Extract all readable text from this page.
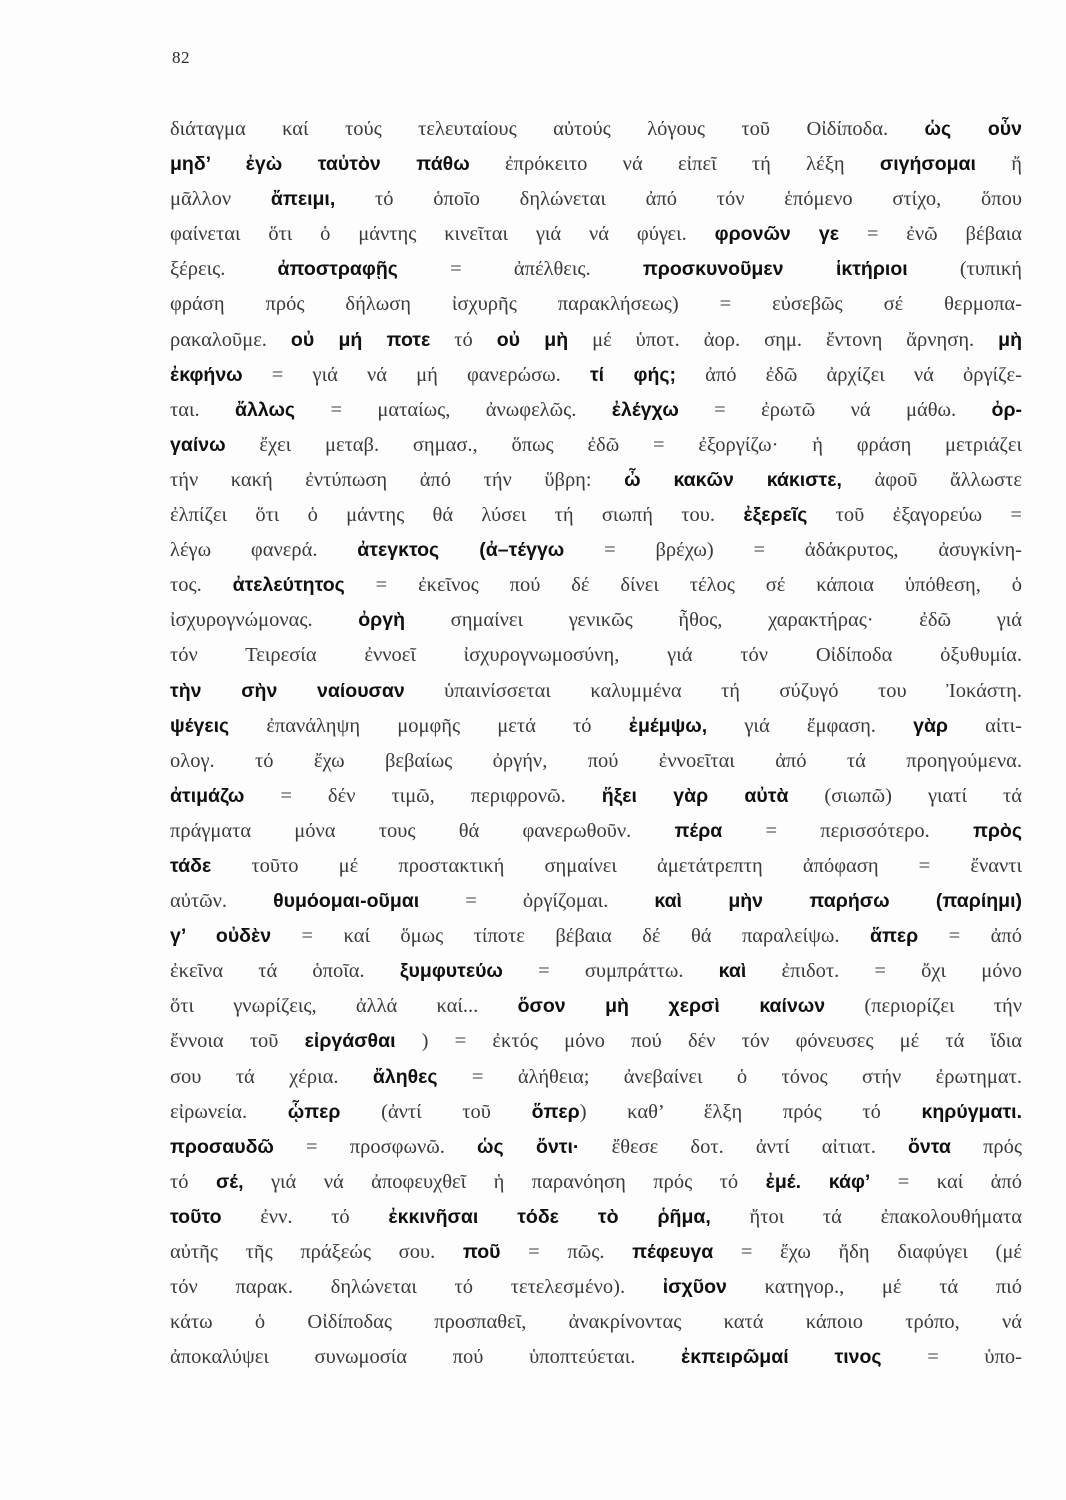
82
διάταγμα καί τούς τελευταίους αὐτούς λόγους τοῦ Οἰδίποδα. ὡς οὖν
μηδ’ ἐγὼ ταὐτὸν πάθω ἐπρόκειτο νά εἰπεῖ τή λέξη σιγήσομαι ἤ
μᾶλλον ἄπειμι, τό ὁποῖο δηλώνεται ἀπό τόν ἑπόμενο στίχο, ὅπου
φαίνεται ὅτι ὁ μάντης κινεῖται γιά νά φύγει. φρονῶν γε = ἐνῶ βέβαια
ξέρεις. ἀποστραφῇς = ἀπέλθεις. προσκυνοῦμεν ἱκτήριοι (τυπική
φράση πρός δήλωση ἰσχυρῆς παρακλήσεως) = εὐσεβῶς σέ θερμοπα-
ρακαλοῦμε. οὐ μή ποτε τό οὐ μὴ μέ ὑποτ. ἀορ. σημ. ἔντονη ἄρνηση. μὴ
ἐκφήνω = γιά νά μή φανερώσω. τί φής; ἀπό ἐδῶ ἀρχίζει νά ὀργίζε-
ται. ἄλλως = ματαίως, ἀνωφελῶς. ἐλέγχω = ἐρωτῶ νά μάθω. ὀρ-
γαίνω ἔχει μεταβ. σημασ., ὅπως ἐδῶ = ἐξοργίζω· ἡ φράση μετριάζει
τήν κακή ἐντύπωση ἀπό τήν ὕβρη: ὦ κακῶν κάκιστε, ἀφοῦ ἄλλωστε
ἐλπίζει ὅτι ὁ μάντης θά λύσει τή σιωπή του. ἐξερεῖς τοῦ ἐξαγορεύω =
λέγω φανερά. ἀτεγκτος (ἀ–τέγγω = βρέχω) = ἀδάκρυτος, ἀσυγκίνη-
τος. ἀτελεύτητος = ἐκεῖνος πού δέ δίνει τέλος σέ κάποια ὑπόθεση, ὁ
ἰσχυρογνώμονας. ὀργὴ σημαίνει γενικῶς ἦθος, χαρακτήρας· ἐδῶ γιά
τόν Τειρεσία ἐννοεῖ ἰσχυρογνωμοσύνη, γιά τόν Οἰδίποδα ὀξυθυμία.
τὴν σὴν ναίουσαν ὑπαινίσσεται καλυμμένα τή σύζυγό του Ἰοκάστη.
ψέγεις ἐπανάληψη μομφῆς μετά τό ἐμέμψω, γιά ἔμφαση. γὰρ αἰτι-
ολογ. τό ἔχω βεβαίως ὀργήν, πού ἐννοεῖται ἀπό τά προηγούμενα.
ἀτιμάζω = δέν τιμῶ, περιφρονῶ. ἥξει γὰρ αὐτὰ (σιωπῶ) γιατί τά
πράγματα μόνα τους θά φανερωθοῦν. πέρα = περισσότερο. πρὸς
τάδε τοῦτο μέ προστακτική σημαίνει ἀμετάτρεπτη ἀπόφαση = ἔναντι
αὐτῶν. θυμόομαι-οῦμαι = ὀργίζομαι. καὶ μὴν παρήσω (παρίημι)
γ’ οὐδὲν = καί ὅμως τίποτε βέβαια δέ θά παραλείψω. ἅπερ = ἀπό
ἐκεῖνα τά ὁποῖα. ξυμφυτεύω = συμπράττω. καὶ ἐπιδοτ. = ὄχι μόνο
ὅτι γνωρίζεις, ἀλλά καί... ὅσον μὴ χερσὶ καίνων (περιορίζει τήν
ἔννοια τοῦ εἰργάσθαι ) = ἐκτός μόνο πού δέν τόν φόνευσες μέ τά ἴδια
σου τά χέρια. ἄληθες = ἀλήθεια; ἀνεβαίνει ὁ τόνος στήν ἐρωτηματ.
εἰρωνεία. ᾧπερ (ἀντί τοῦ ὅπερ) καθ’ ἕλξη πρός τό κηρύγματι.
προσαυδῶ = προσφωνῶ. ὡς ὄντι· ἔθεσε δοτ. ἀντί αἰτιατ. ὄντα πρός
τό σέ, γιά νά ἀποφευχθεῖ ἡ παρανόηση πρός τό ἐμέ. κάφ’ = καί ἀπό
τοῦτο ἐνν. τό ἐκκινῆσαι τόδε τὸ ῥῆμα, ἤτοι τά ἐπακολουθήματα
αὐτῆς τῆς πράξεώς σου. ποῦ = πῶς. πέφευγα = ἔχω ἤδη διαφύγει (μέ
τόν παρακ. δηλώνεται τό τετελεσμένο). ἰσχῦον κατηγορ., μέ τά πιό
κάτω ὁ Οἰδίποδας προσπαθεῖ, ἀνακρίνοντας κατά κάποιο τρόπο, νά
ἀποκαλύψει συνωμοσία πού ὑποπτεύεται. ἐκπειρῶμαί τινος = ὑπο-
